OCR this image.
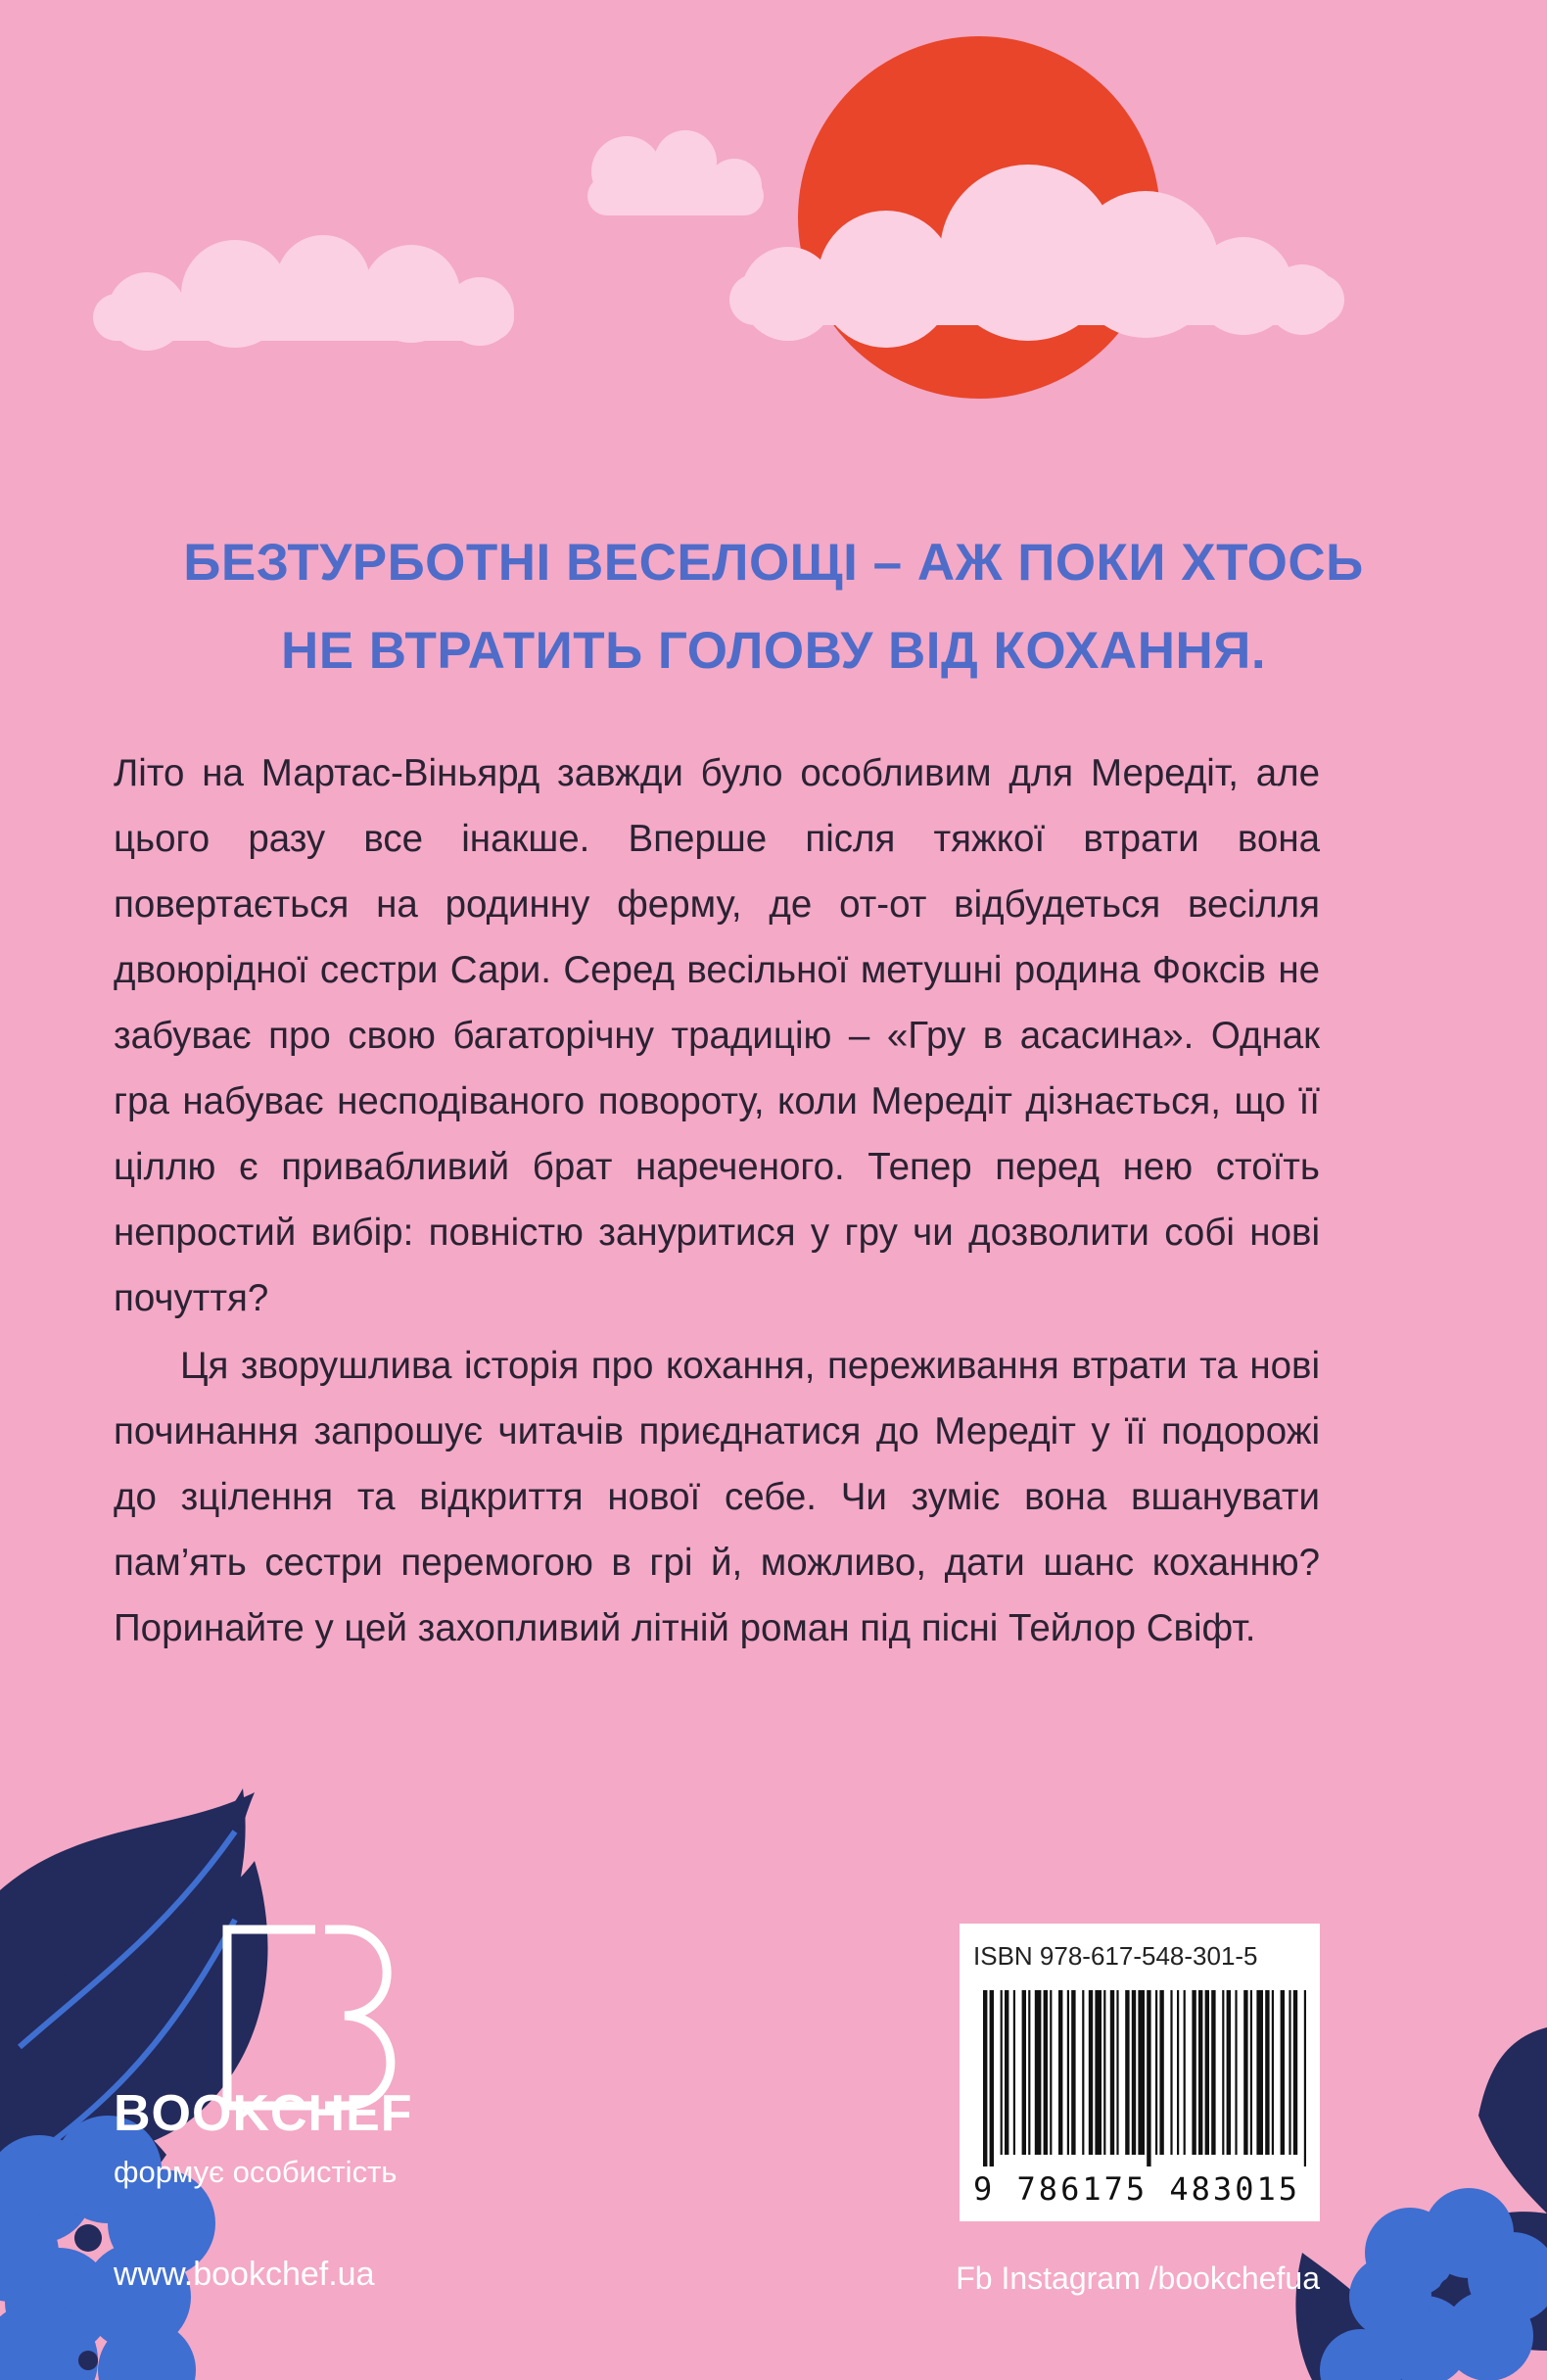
БЕЗТУРБОТНІ ВЕСЕЛОЩІ – АЖ ПОКИ ХТОСЬ
НЕ ВТРАТИТЬ ГОЛОВУ ВІД КОХАННЯ.

Літо на Мартас-Віньярд завжди було особливим для Мередіт, але цього разу все інакше. Вперше після тяжкої втрати вона повертається на родинну ферму, де от-от відбудеться весілля двоюрідної сестри Сари. Серед весільної метушні родина Фоксів не забуває про свою багаторічну традицію – «Гру в асасина». Однак гра набуває несподіваного повороту, коли Мередіт дізнається, що її ціллю є привабливий брат нареченого. Тепер перед нею стоїть непростий вибір: повністю зануритися у гру чи дозволити собі нові почуття?

Ця зворушлива історія про кохання, переживання втрати та нові починання запрошує читачів приєднатися до Мередіт у її подорожі до зцілення та відкриття нової себе. Чи зуміє вона вшанувати пам’ять сестри перемогою в грі й, можливо, дати шанс коханню? Поринайте у цей захопливий літній роман під пісні Тейлор Свіфт.

BOOKCHEF
формує особистість
www.bookchef.ua	Fb Instagram /bookchefua
ISBN 978-617-548-301-5
9 786175 483015
